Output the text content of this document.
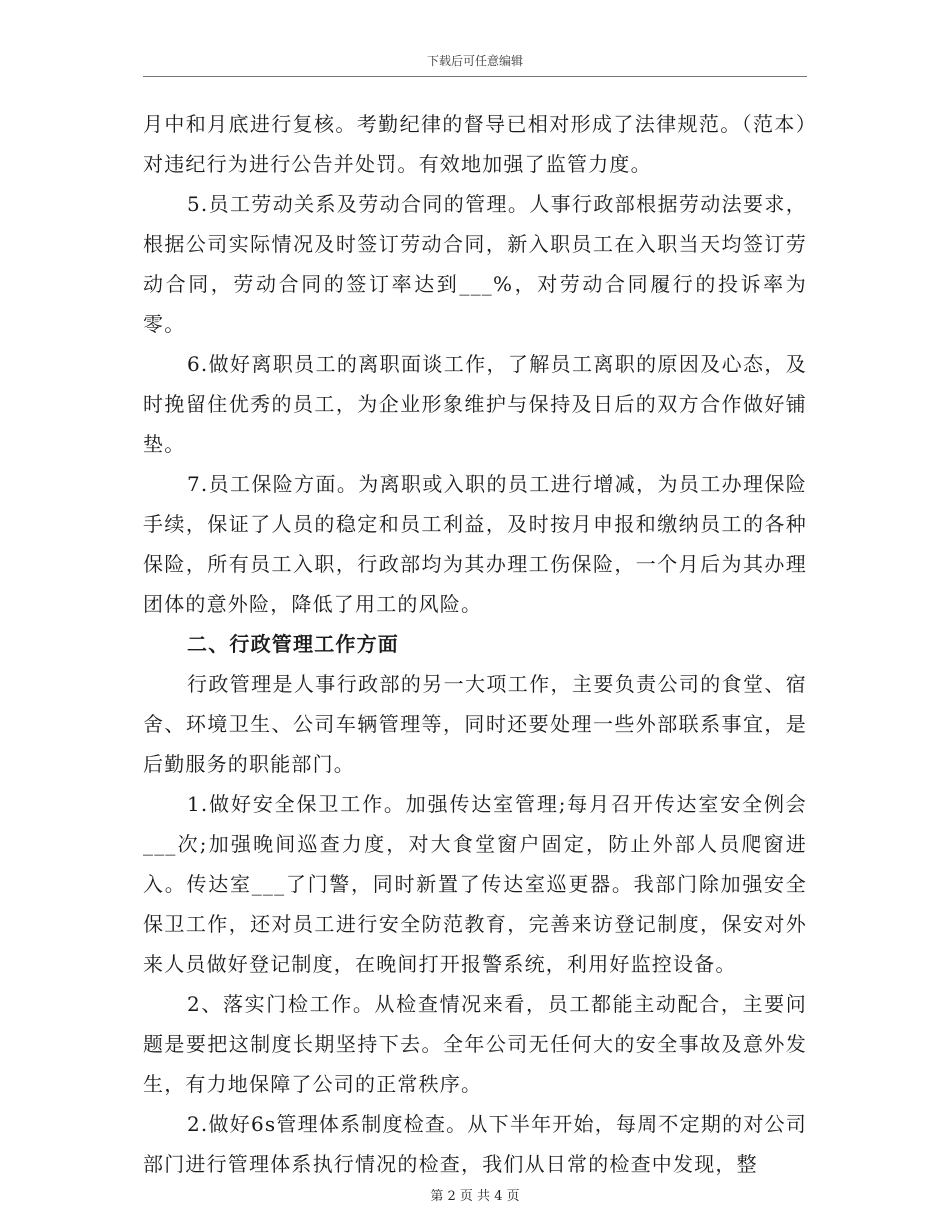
下载后可任意编辑

月中和月底进行复核。考勤纪律的督导已相对形成了法律规范。（范本）对违纪行为进行公告并处罚。有效地加强了监管力度。

5.员工劳动关系及劳动合同的管理。人事行政部根据劳动法要求，根据公司实际情况及时签订劳动合同，新入职员工在入职当天均签订劳动合同，劳动合同的签订率达到___%，对劳动合同履行的投诉率为零。

6.做好离职员工的离职面谈工作，了解员工离职的原因及心态，及时挽留住优秀的员工，为企业形象维护与保持及日后的双方合作做好铺垫。

7.员工保险方面。为离职或入职的员工进行增减，为员工办理保险手续，保证了人员的稳定和员工利益，及时按月申报和缴纳员工的各种保险，所有员工入职，行政部均为其办理工伤保险，一个月后为其办理团体的意外险，降低了用工的风险。

二、行政管理工作方面

行政管理是人事行政部的另一大项工作，主要负责公司的食堂、宿舍、环境卫生、公司车辆管理等，同时还要处理一些外部联系事宜，是后勤服务的职能部门。

1.做好安全保卫工作。加强传达室管理;每月召开传达室安全例会___次;加强晚间巡查力度，对大食堂窗户固定，防止外部人员爬窗进入。传达室___了门警，同时新置了传达室巡更器。我部门除加强安全保卫工作，还对员工进行安全防范教育，完善来访登记制度，保安对外来人员做好登记制度，在晚间打开报警系统，利用好监控设备。

2、落实门检工作。从检查情况来看，员工都能主动配合，主要问题是要把这制度长期坚持下去。全年公司无任何大的安全事故及意外发生，有力地保障了公司的正常秩序。

2.做好6s管理体系制度检查。从下半年开始，每周不定期的对公司部门进行管理体系执行情况的检查，我们从日常的检查中发现，整

第 2 页 共 4 页
